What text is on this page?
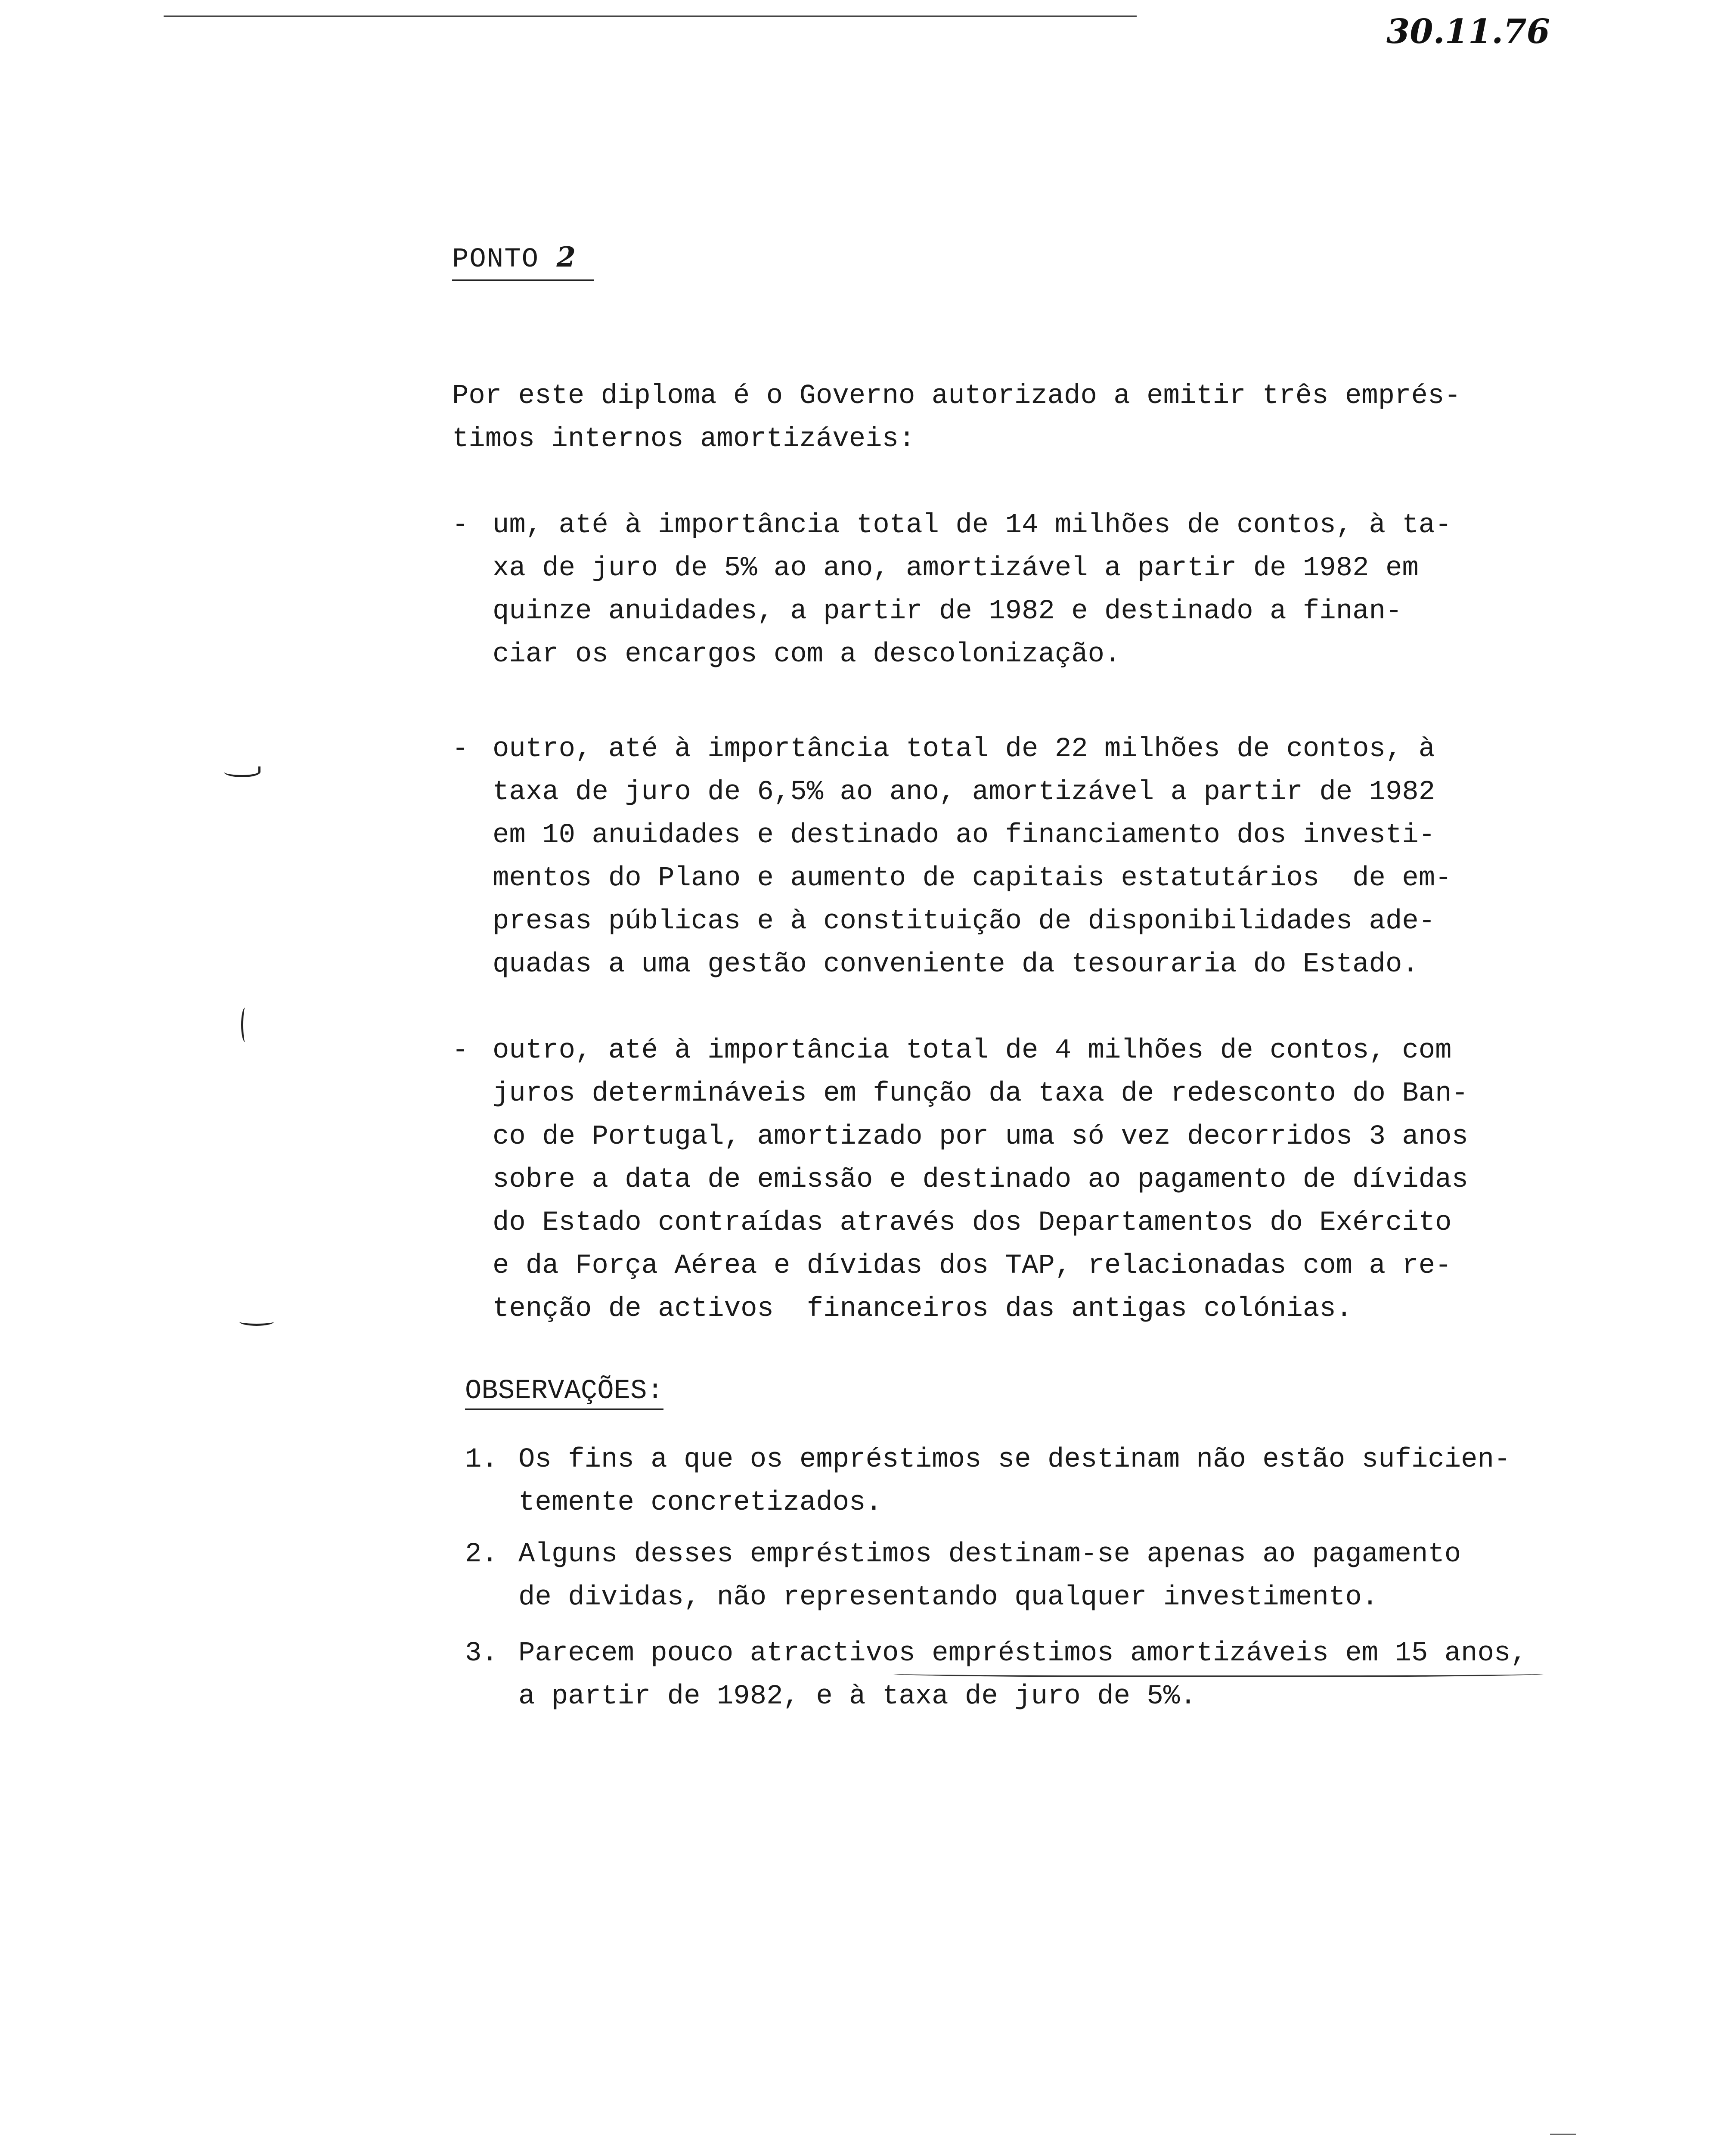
30.11.76
PONTO 2
Por este diploma é o Governo autorizado a emitir três emprés-
timos internos amortizáveis:

-

um, até à importância total de 14 milhões de contos, à ta-
xa de juro de 5% ao ano, amortizável a partir de 1982 em
quinze anuidades, a partir de 1982 e destinado a finan-
ciar os encargos com a descolonização.

-

outro, até à importância total de 22 milhões de contos, à
taxa de juro de 6,5% ao ano, amortizável a partir de 1982
em 10 anuidades e destinado ao financiamento dos investi-
mentos do Plano e aumento de capitais estatutários  de em-
presas públicas e à constituição de disponibilidades ade-
quadas a uma gestão conveniente da tesouraria do Estado.

-

outro, até à importância total de 4 milhões de contos, com
juros determináveis em função da taxa de redesconto do Ban-
co de Portugal, amortizado por uma só vez decorridos 3 anos
sobre a data de emissão e destinado ao pagamento de dívidas
do Estado contraídas através dos Departamentos do Exército
e da Força Aérea e dívidas dos TAP, relacionadas com a re-
tenção de activos  financeiros das antigas colónias.

OBSERVAÇÕES:

1.

Os fins a que os empréstimos se destinam não estão suficien-
temente concretizados.

2.

Alguns desses empréstimos destinam-se apenas ao pagamento
de dividas, não representando qualquer investimento.

3.

Parecem pouco atractivos empréstimos amortizáveis em 15 anos,
a partir de 1982, e à taxa de juro de 5%.
